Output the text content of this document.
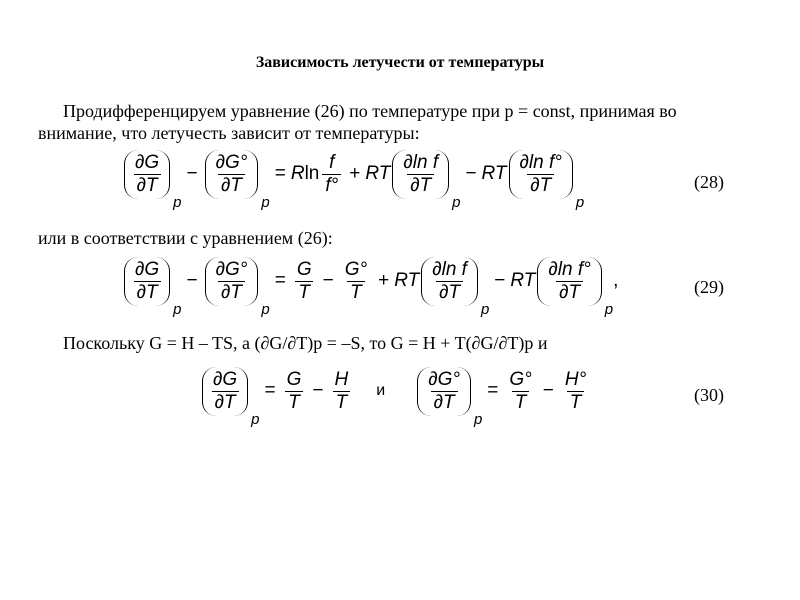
Зависимость летучести от температуры
Продифференцируем уравнение (26) по температуре при p = const, принимая во
внимание, что летучесть зависит от температуры:
$\frac{\partial G}{\partial T}$
p
− $\frac{\partial G^\circ}{\partial T}$
p
= R $\ln \frac{f}{f^\circ}$ + RT $\frac{\text{∂ln f}}{\partial T}$
p
− RT $\frac{\text{∂ln f°}}{\partial T}$
p
(28)
или в соответствии с уравнением (26):
$\frac{\partial G}{\partial T}$
p
− $\frac{\partial G^\circ}{\partial T}$
p
= $\frac{G}{T} - \frac{G^\circ}{T}$ + RT $\frac{\text{∂ln f}}{\partial T}$
p
− RT $\frac{\text{∂ln f°}}{\partial T}$
p
,	(29)
Поскольку G = H – TS, а (∂G/∂T)p = –S, то G = H + T(∂G/∂T)p и
$\frac{\partial G}{\partial T}$
p
= $\frac{G}{T} - \frac{H}{T}$ и $\frac{\partial G^\circ}{\partial T}$
p
= $\frac{G^\circ}{T} - \frac{H^\circ}{T}$	(30)
